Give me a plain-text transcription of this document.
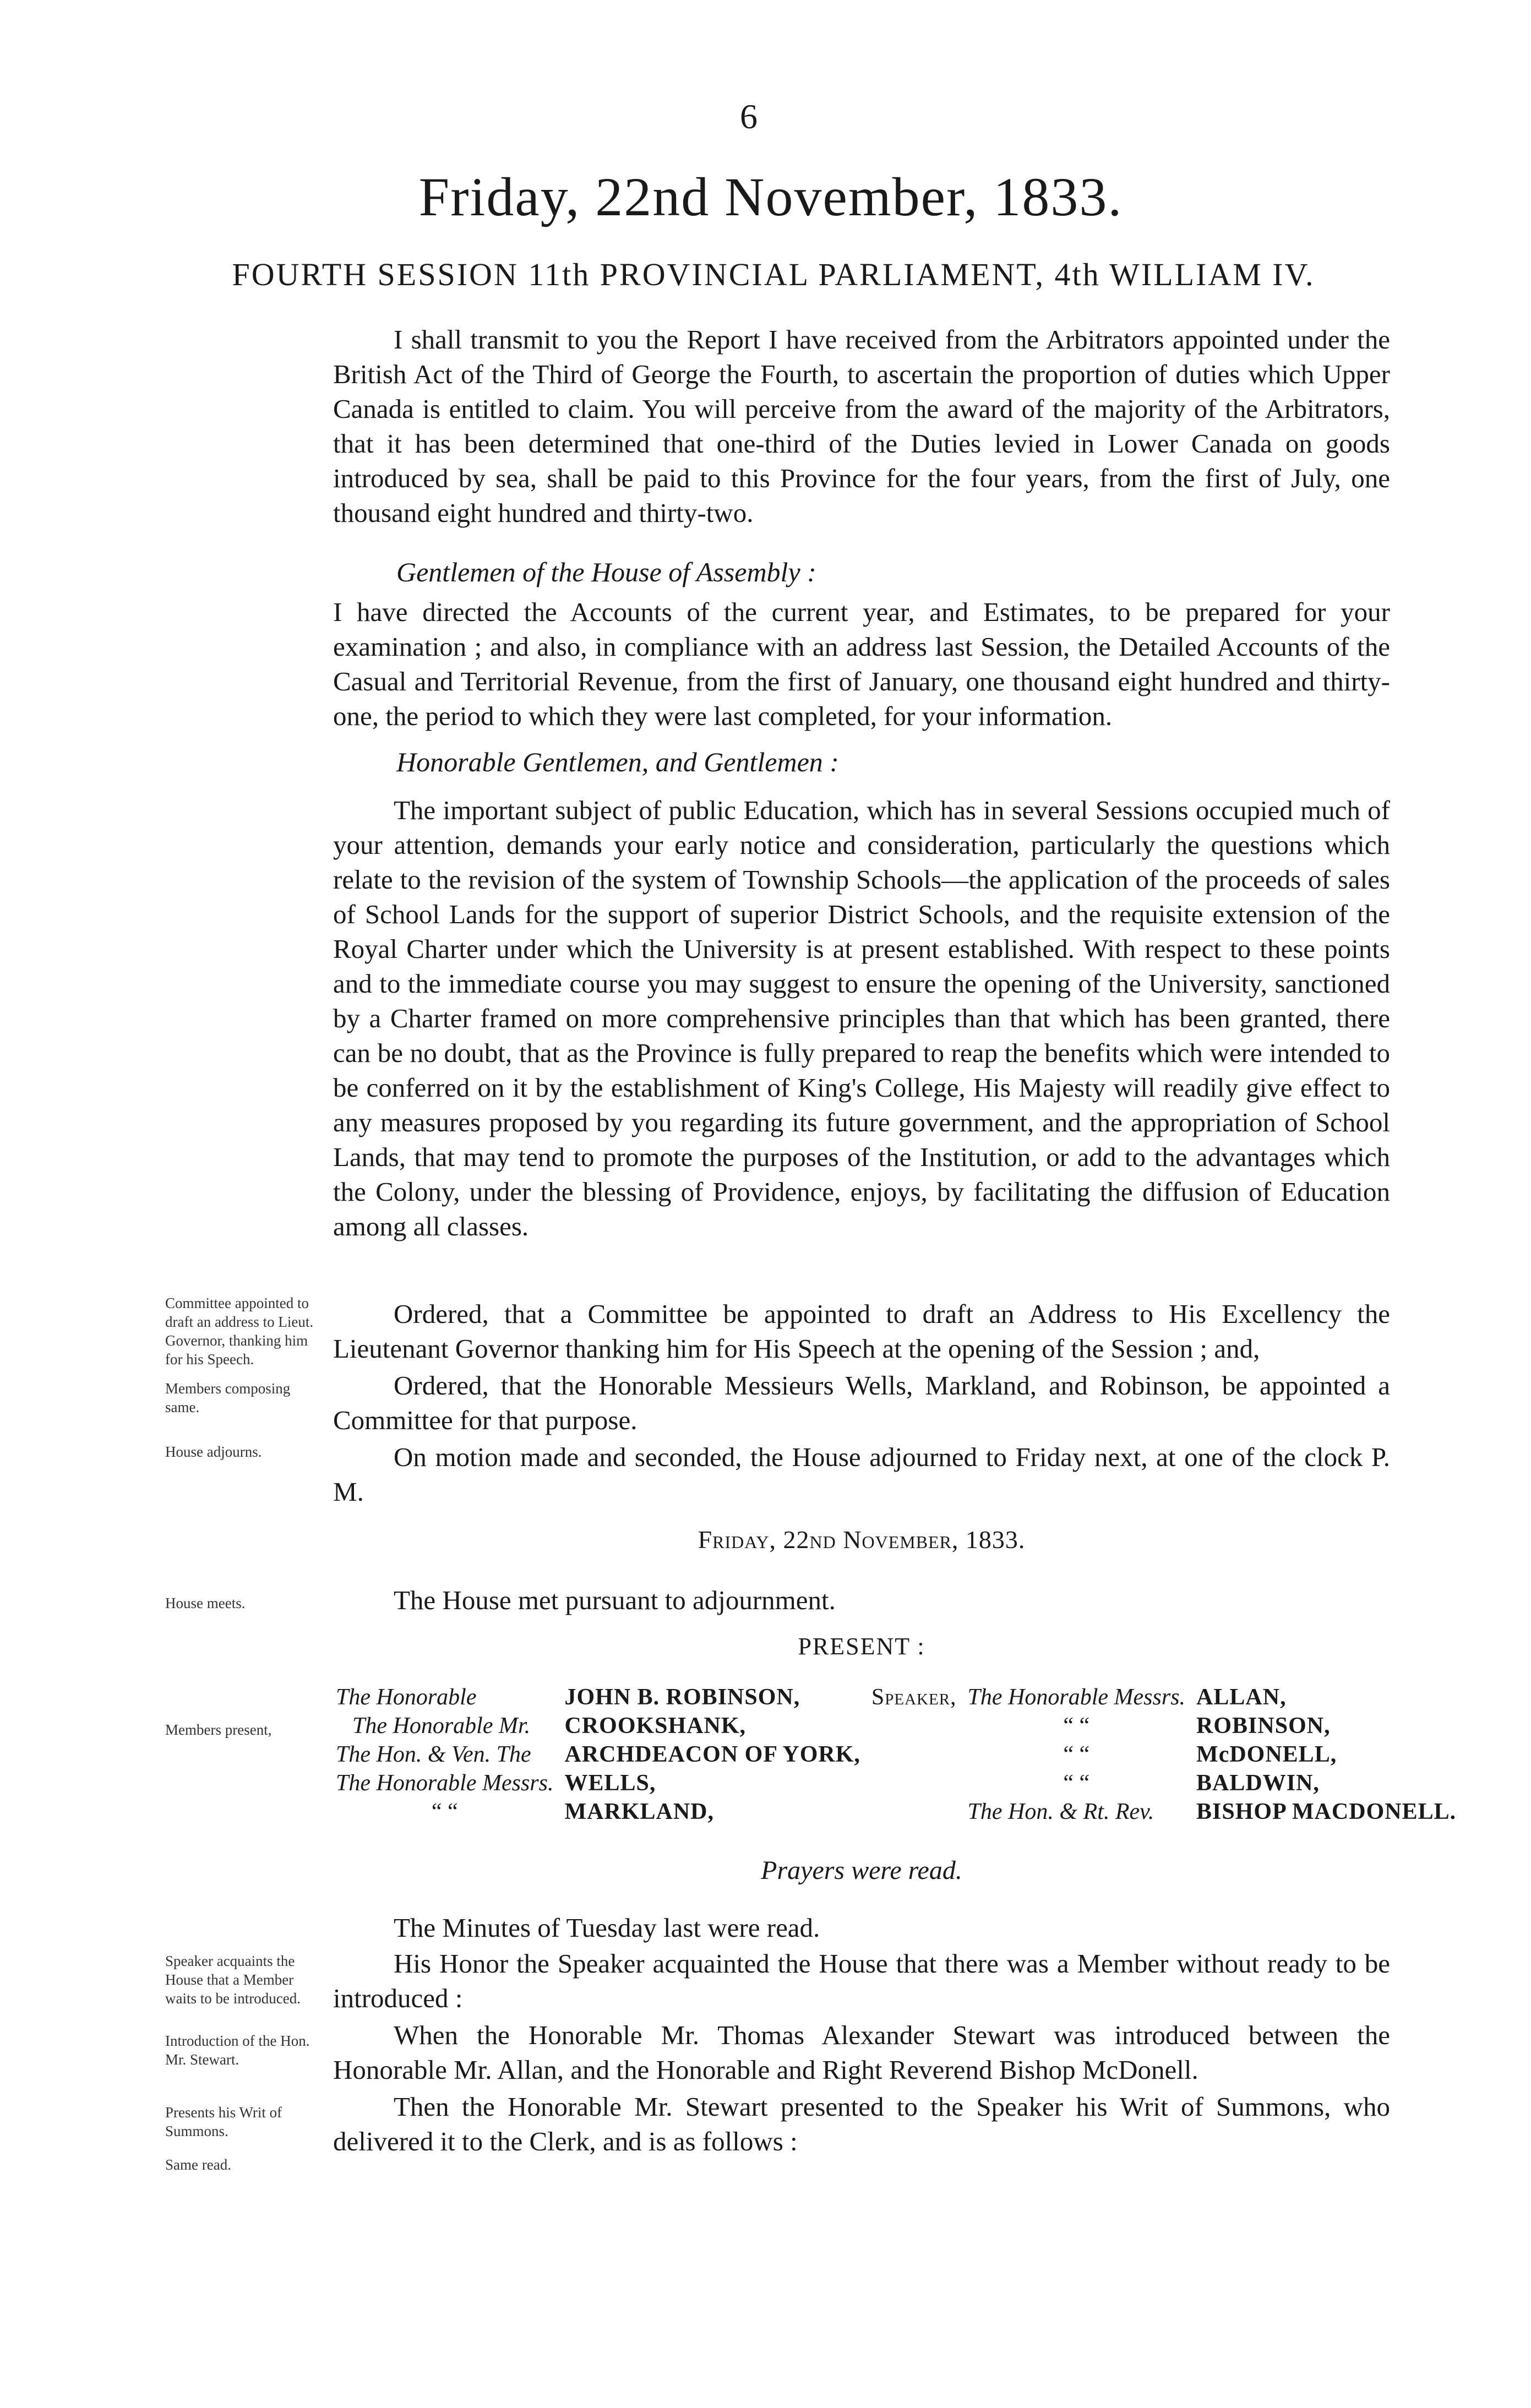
6
Friday, 22nd November, 1833.
FOURTH SESSION 11th PROVINCIAL PARLIAMENT, 4th WILLIAM IV.

I shall transmit to you the Report I have received from the Arbitrators appointed under the British Act of the Third of George the Fourth, to ascertain the proportion of duties which Upper Canada is entitled to claim. You will perceive from the award of the majority of the Arbitrators, that it has been determined that one-third of the Duties levied in Lower Canada on goods introduced by sea, shall be paid to this Province for the four years, from the first of July, one thousand eight hundred and thirty-two.

Gentlemen of the House of Assembly :

I have directed the Accounts of the current year, and Estimates, to be prepared for your examination ; and also, in compliance with an address last Session, the Detailed Accounts of the Casual and Territorial Revenue, from the first of January, one thousand eight hundred and thirty-one, the period to which they were last completed, for your information.

Honorable Gentlemen, and Gentlemen :

The important subject of public Education, which has in several Sessions occupied much of your attention, demands your early notice and consideration, particularly the questions which relate to the revision of the system of Township Schools—the application of the proceeds of sales of School Lands for the support of superior District Schools, and the requisite extension of the Royal Charter under which the University is at present established. With respect to these points and to the immediate course you may suggest to ensure the opening of the University, sanctioned by a Charter framed on more comprehensive principles than that which has been granted, there can be no doubt, that as the Province is fully prepared to reap the benefits which were intended to be conferred on it by the establishment of King's College, His Majesty will readily give effect to any measures proposed by you regarding its future government, and the appropriation of School Lands, that may tend to promote the purposes of the Institution, or add to the advantages which the Colony, under the blessing of Providence, enjoys, by facilitating the diffusion of Education among all classes.

Ordered, that a Committee be appointed to draft an Address to His Excellency the Lieutenant Governor thanking him for His Speech at the opening of the Session ; and,

Ordered, that the Honorable Messieurs Wells, Markland, and Robinson, be appointed a Committee for that purpose.

On motion made and seconded, the House adjourned to Friday next, at one of the clock P. M.

Friday, 22nd November, 1833.

The House met pursuant to adjournment.

PRESENT :
The Honorable	JOHN B. ROBINSON,	Speaker,	The Honorable Messrs.	ALLAN,
The Honorable Mr.	CROOKSHANK,		“ “	ROBINSON,
The Hon. & Ven. The	ARCHDEACON OF YORK,		“ “	McDONELL,
The Honorable Messrs.	WELLS,		“ “	BALDWIN,
“ “	MARKLAND,		The Hon. & Rt. Rev.	BISHOP MACDONELL.
Prayers were read.

The Minutes of Tuesday last were read.

His Honor the Speaker acquainted the House that there was a Member without ready to be introduced :

When the Honorable Mr. Thomas Alexander Stewart was introduced between the Honorable Mr. Allan, and the Honorable and Right Reverend Bishop McDonell.

Then the Honorable Mr. Stewart presented to the Speaker his Writ of Summons, who delivered it to the Clerk, and is as follows :

Committee appointed to draft an address to Lieut. Governor, thanking him for his Speech.
Members composing same.
House adjourns.
House meets.
Members present,
Speaker acquaints the House that a Member waits to be introduced.
Introduction of the Hon. Mr. Stewart.
Presents his Writ of Summons.
Same read.
